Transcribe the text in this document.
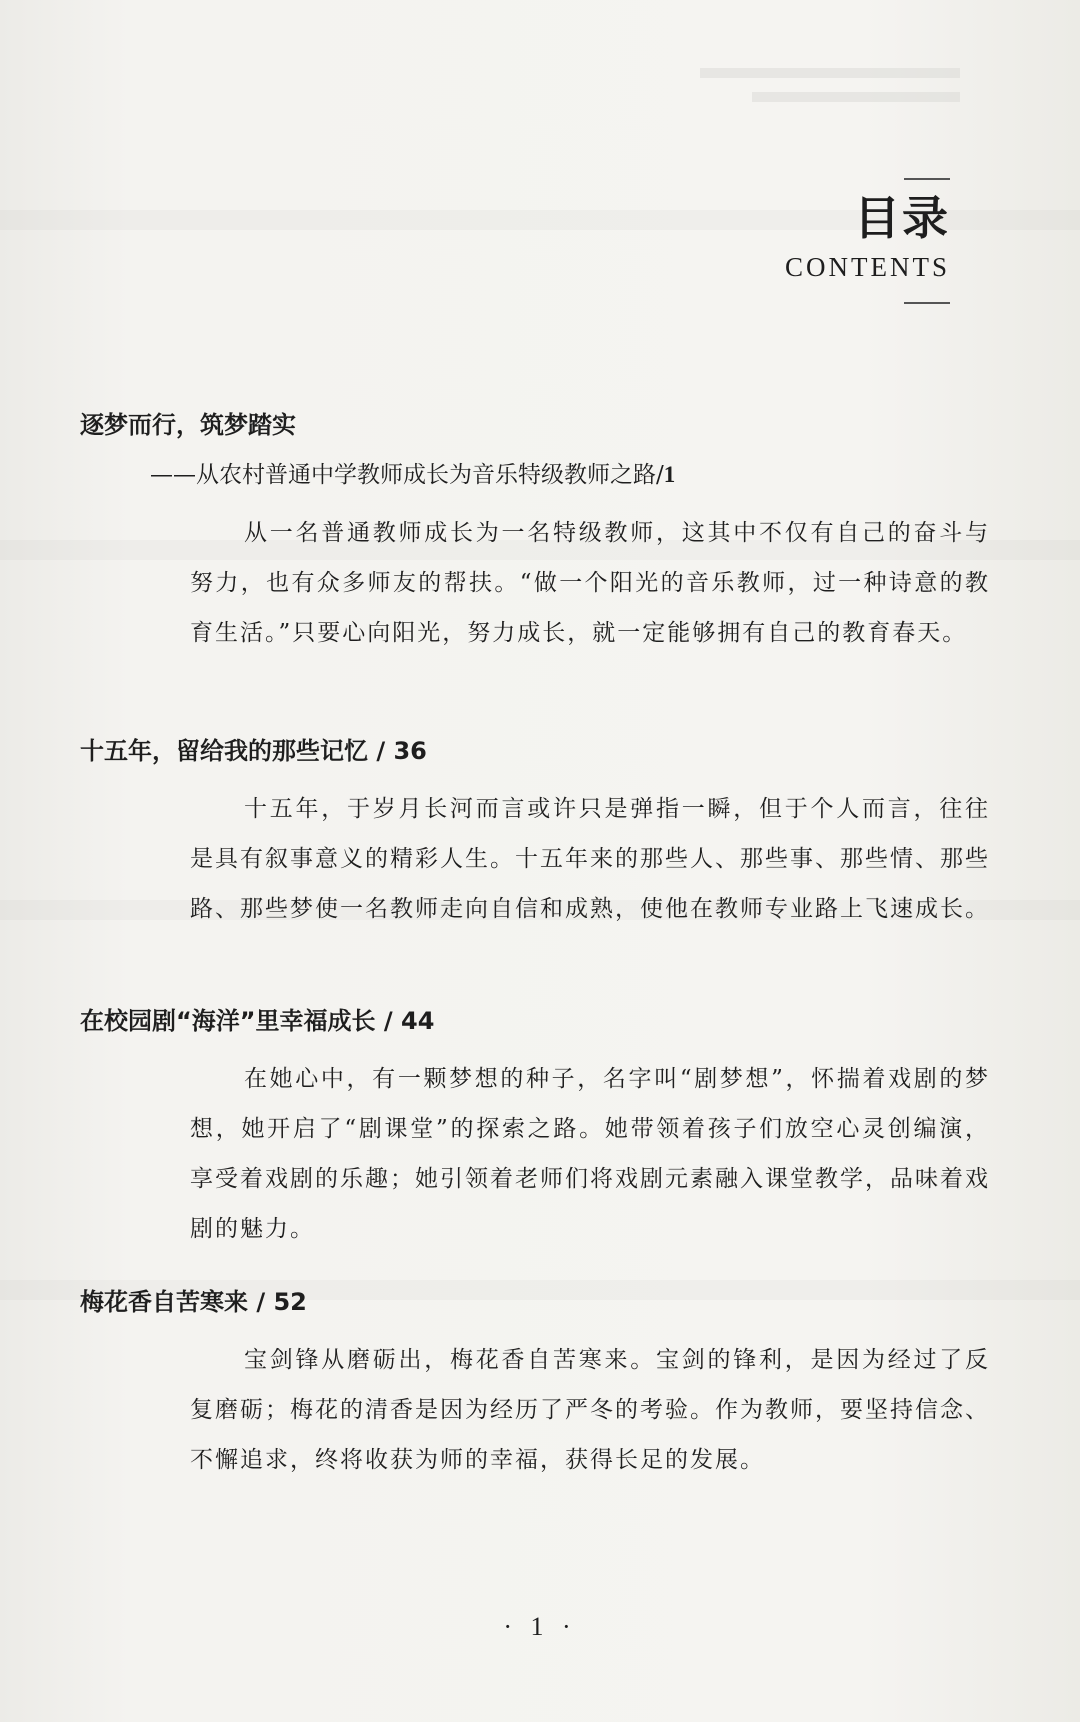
目录
CONTENTS
逐梦而行，筑梦踏实
——从农村普通中学教师成长为音乐特级教师之路/1
从一名普通教师成长为一名特级教师，这其中不仅有自己的奋斗与努力，也有众多师友的帮扶。“做一个阳光的音乐教师，过一种诗意的教育生活。”只要心向阳光，努力成长，就一定能够拥有自己的教育春天。
十五年，留给我的那些记忆 / 36
十五年，于岁月长河而言或许只是弹指一瞬，但于个人而言，往往是具有叙事意义的精彩人生。十五年来的那些人、那些事、那些情、那些路、那些梦使一名教师走向自信和成熟，使他在教师专业路上飞速成长。
在校园剧“海洋”里幸福成长 / 44
在她心中，有一颗梦想的种子，名字叫“剧梦想”，怀揣着戏剧的梦想，她开启了“剧课堂”的探索之路。她带领着孩子们放空心灵创编演，享受着戏剧的乐趣；她引领着老师们将戏剧元素融入课堂教学，品味着戏剧的魅力。
梅花香自苦寒来 / 52
宝剑锋从磨砺出，梅花香自苦寒来。宝剑的锋利，是因为经过了反复磨砺；梅花的清香是因为经历了严冬的考验。作为教师，要坚持信念、不懈追求，终将收获为师的幸福，获得长足的发展。
· 1 ·
